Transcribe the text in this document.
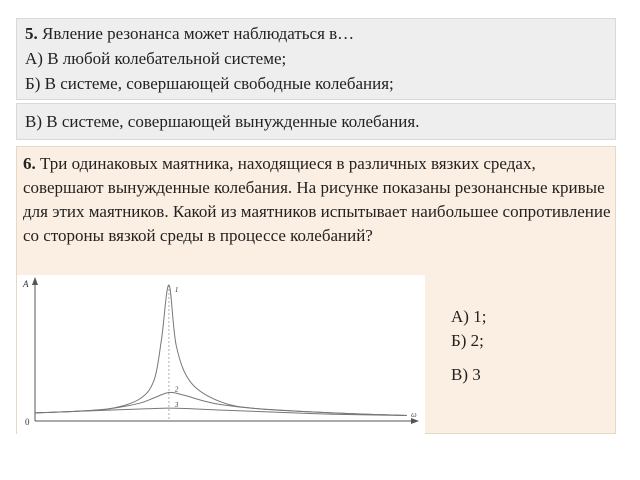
5. Явление резонанса может наблюдаться в…
А) В любой колебательной системе;
Б) В системе, совершающей свободные колебания;
В) В системе, совершающей вынужденные колебания.
6. Три одинаковых маятника, находящиеся в различных вязких средах, совершают вынужденные колебания. На рисунке показаны резонансные кривые для этих маятников. Какой из маятников испытывает наибольшее сопротивление со стороны вязкой среды в процессе колебаний?
A
ω
0
1
2
3
А) 1;
Б) 2;
В) 3
